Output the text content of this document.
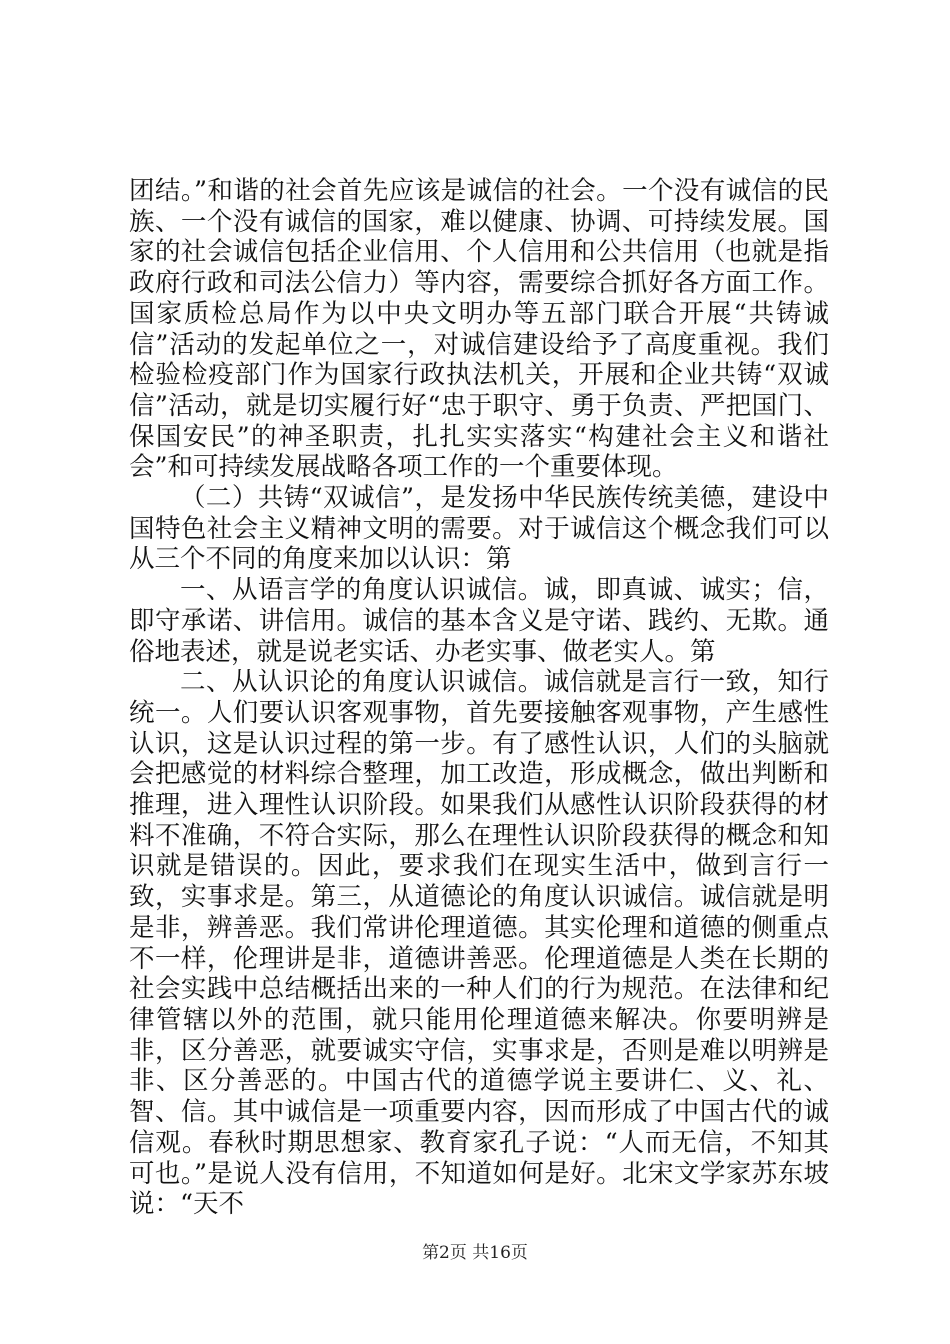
团结。”和谐的社会首先应该是诚信的社会。一个没有诚信的民族、一个没有诚信的国家，难以健康、协调、可持续发展。国家的社会诚信包括企业信用、个人信用和公共信用（也就是指政府行政和司法公信力）等内容，需要综合抓好各方面工作。国家质检总局作为以中央文明办等五部门联合开展“共铸诚信”活动的发起单位之一，对诚信建设给予了高度重视。我们检验检疫部门作为国家行政执法机关，开展和企业共铸“双诚信”活动，就是切实履行好“忠于职守、勇于负责、严把国门、保国安民”的神圣职责，扎扎实实落实“构建社会主义和谐社会”和可持续发展战略各项工作的一个重要体现。

（二）共铸“双诚信”，是发扬中华民族传统美德，建设中国特色社会主义精神文明的需要。对于诚信这个概念我们可以从三个不同的角度来加以认识：第

一、从语言学的角度认识诚信。诚，即真诚、诚实；信，即守承诺、讲信用。诚信的基本含义是守诺、践约、无欺。通俗地表述，就是说老实话、办老实事、做老实人。第

二、从认识论的角度认识诚信。诚信就是言行一致，知行统一。人们要认识客观事物，首先要接触客观事物，产生感性认识，这是认识过程的第一步。有了感性认识，人们的头脑就会把感觉的材料综合整理，加工改造，形成概念，做出判断和推理，进入理性认识阶段。如果我们从感性认识阶段获得的材料不准确，不符合实际，那么在理性认识阶段获得的概念和知识就是错误的。因此，要求我们在现实生活中，做到言行一致，实事求是。第三，从道德论的角度认识诚信。诚信就是明是非，辨善恶。我们常讲伦理道德。其实伦理和道德的侧重点不一样，伦理讲是非，道德讲善恶。伦理道德是人类在长期的社会实践中总结概括出来的一种人们的行为规范。在法律和纪律管辖以外的范围，就只能用伦理道德来解决。你要明辨是非，区分善恶，就要诚实守信，实事求是，否则是难以明辨是非、区分善恶的。中国古代的道德学说主要讲仁、义、礼、智、信。其中诚信是一项重要内容，因而形成了中国古代的诚信观。春秋时期思想家、教育家孔子说：“人而无信，不知其可也。”是说人没有信用，不知道如何是好。北宋文学家苏东坡说：“天不

第2页 共16页
